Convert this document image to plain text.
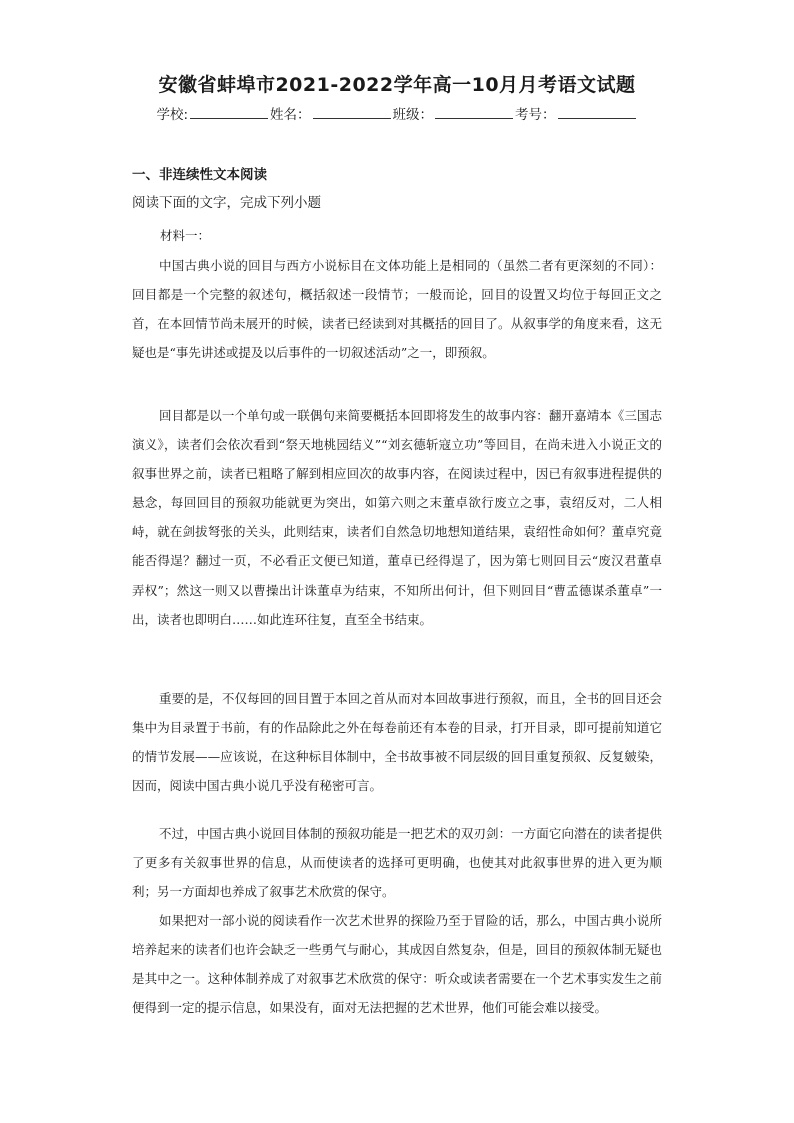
安徽省蚌埠市2021-2022学年高一10月月考语文试题
学校:	姓名：	班级：	考号：
一、非连续性文本阅读
阅读下面的文字，完成下列小题
材料一：

中国古典小说的回目与西方小说标目在文体功能上是相同的（虽然二者有更深刻的不同）：回目都是一个完整的叙述句，概括叙述一段情节；一般而论，回目的设置又均位于每回正文之首，在本回情节尚未展开的时候，读者已经读到对其概括的回目了。从叙事学的角度来看，这无疑也是“事先讲述或提及以后事件的一切叙述活动”之一，即预叙。

回目都是以一个单句或一联偶句来简要概括本回即将发生的故事内容：翻开嘉靖本《三国志演义》，读者们会依次看到“祭天地桃园结义”“刘玄德斩寇立功”等回目，在尚未进入小说正文的叙事世界之前，读者已粗略了解到相应回次的故事内容，在阅读过程中，因已有叙事进程提供的悬念，每回回目的预叙功能就更为突出，如第六则之末董卓欲行废立之事，袁绍反对，二人相峙，就在剑拔弩张的关头，此则结束，读者们自然急切地想知道结果，袁绍性命如何？董卓究竟能否得逞？翻过一页，不必看正文便已知道，董卓已经得逞了，因为第七则回目云“废汉君董卓弄权”；然这一则又以曹操出计诛董卓为结束，不知所出何计，但下则回目“曹孟德谋杀董卓”一出，读者也即明白……如此连环往复，直至全书结束。

重要的是，不仅每回的回目置于本回之首从而对本回故事进行预叙，而且，全书的回目还会集中为目录置于书前，有的作品除此之外在每卷前还有本卷的目录，打开目录，即可提前知道它的情节发展——应该说，在这种标目体制中，全书故事被不同层级的回目重复预叙、反复皴染，因而，阅读中国古典小说几乎没有秘密可言。

不过，中国古典小说回目体制的预叙功能是一把艺术的双刃剑：一方面它向潜在的读者提供了更多有关叙事世界的信息，从而使读者的选择可更明确，也使其对此叙事世界的进入更为顺利；另一方面却也养成了叙事艺术欣赏的保守。

如果把对一部小说的阅读看作一次艺术世界的探险乃至于冒险的话，那么，中国古典小说所培养起来的读者们也许会缺乏一些勇气与耐心，其成因自然复杂，但是，回目的预叙体制无疑也是其中之一。这种体制养成了对叙事艺术欣赏的保守：听众或读者需要在一个艺术事实发生之前便得到一定的提示信息，如果没有，面对无法把握的艺术世界，他们可能会难以接受。
